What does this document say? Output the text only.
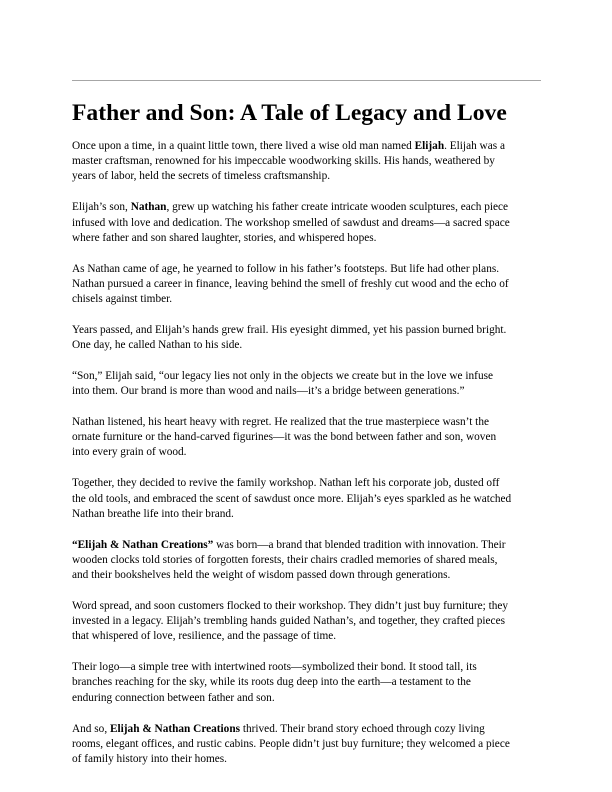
Father and Son: A Tale of Legacy and Love

Once upon a time, in a quaint little town, there lived a wise old man named Elijah. Elijah was a
master craftsman, renowned for his impeccable woodworking skills. His hands, weathered by
years of labor, held the secrets of timeless craftsmanship.

Elijah’s son, Nathan, grew up watching his father create intricate wooden sculptures, each piece
infused with love and dedication. The workshop smelled of sawdust and dreams—a sacred space
where father and son shared laughter, stories, and whispered hopes.

As Nathan came of age, he yearned to follow in his father’s footsteps. But life had other plans.
Nathan pursued a career in finance, leaving behind the smell of freshly cut wood and the echo of
chisels against timber.

Years passed, and Elijah’s hands grew frail. His eyesight dimmed, yet his passion burned bright.
One day, he called Nathan to his side.

“Son,” Elijah said, “our legacy lies not only in the objects we create but in the love we infuse
into them. Our brand is more than wood and nails—it’s a bridge between generations.”

Nathan listened, his heart heavy with regret. He realized that the true masterpiece wasn’t the
ornate furniture or the hand-carved figurines—it was the bond between father and son, woven
into every grain of wood.

Together, they decided to revive the family workshop. Nathan left his corporate job, dusted off
the old tools, and embraced the scent of sawdust once more. Elijah’s eyes sparkled as he watched
Nathan breathe life into their brand.

“Elijah & Nathan Creations” was born—a brand that blended tradition with innovation. Their
wooden clocks told stories of forgotten forests, their chairs cradled memories of shared meals,
and their bookshelves held the weight of wisdom passed down through generations.

Word spread, and soon customers flocked to their workshop. They didn’t just buy furniture; they
invested in a legacy. Elijah’s trembling hands guided Nathan’s, and together, they crafted pieces
that whispered of love, resilience, and the passage of time.

Their logo—a simple tree with intertwined roots—symbolized their bond. It stood tall, its
branches reaching for the sky, while its roots dug deep into the earth—a testament to the
enduring connection between father and son.

And so, Elijah & Nathan Creations thrived. Their brand story echoed through cozy living
rooms, elegant offices, and rustic cabins. People didn’t just buy furniture; they welcomed a piece
of family history into their homes.
